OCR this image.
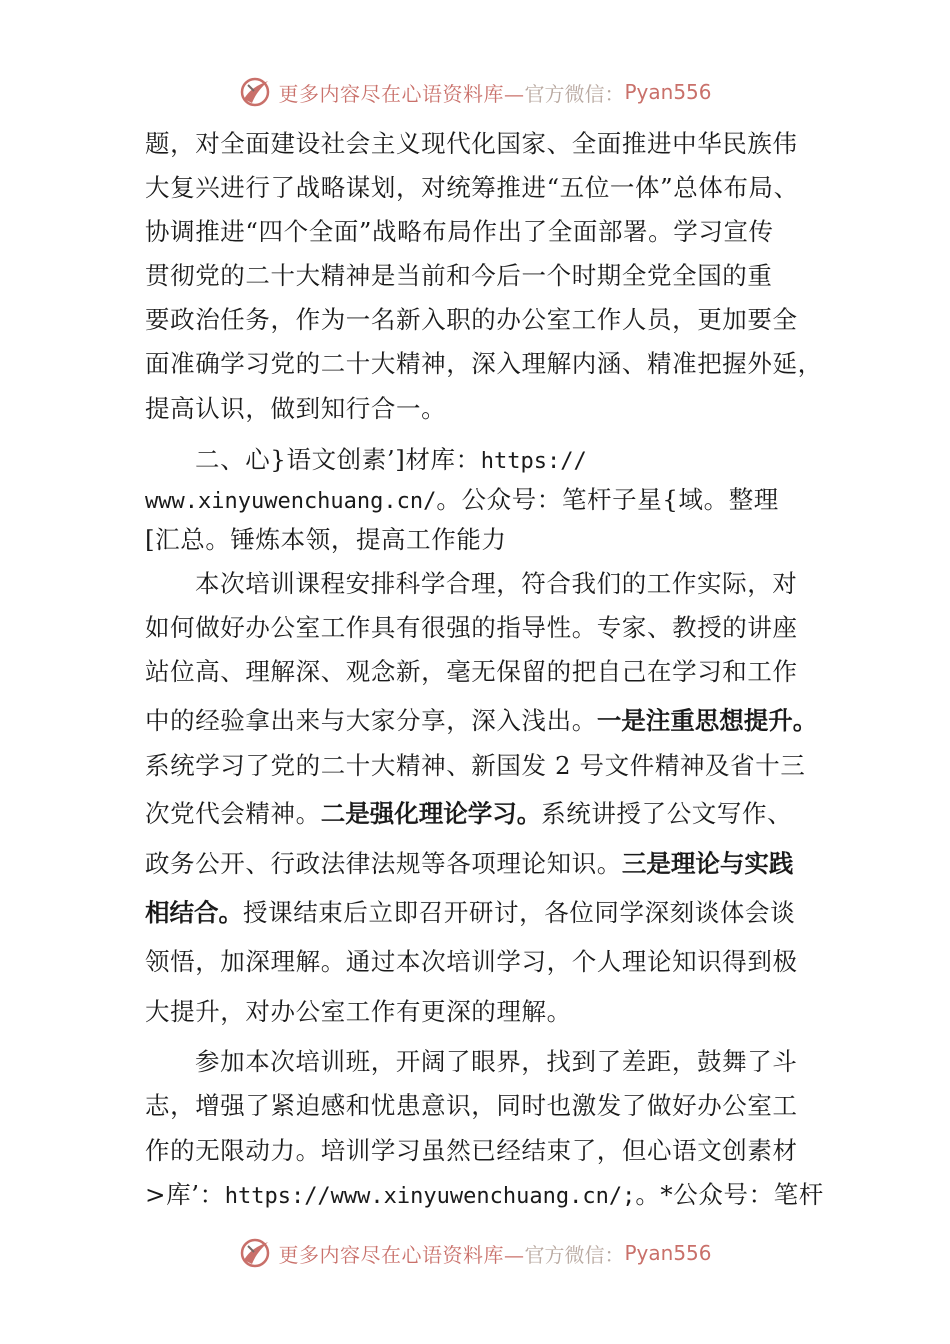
更多内容尽在心语资料库— 官方微信： Pyan556
题，对全面建设社会主义现代化国家、全面推进中华民族伟
大复兴进行了战略谋划，对统筹推进“五位一体”总体布局、
协调推进“四个全面”战略布局作出了全面部署。学习宣传
贯彻党的二十大精神是当前和今后一个时期全党全国的重
要政治任务，作为一名新入职的办公室工作人员，更加要全
面准确学习党的二十大精神，深入理解内涵、精准把握外延，
提高认识，做到知行合一。
二、心}语文创素’]材库：https://
www.xinyuwenchuang.cn/。公众号：笔杆子星{域。整理
[汇总。锤炼本领，提高工作能力
本次培训课程安排科学合理，符合我们的工作实际，对
如何做好办公室工作具有很强的指导性。专家、教授的讲座
站位高、理解深、观念新，毫无保留的把自己在学习和工作
中的经验拿出来与大家分享，深入浅出。一是注重思想提升。
系统学习了党的二十大精神、新国发 2 号文件精神及省十三
次党代会精神。二是强化理论学习。系统讲授了公文写作、
政务公开、行政法律法规等各项理论知识。三是理论与实践
相结合。授课结束后立即召开研讨，各位同学深刻谈体会谈
领悟，加深理解。通过本次培训学习，个人理论知识得到极
大提升，对办公室工作有更深的理解。
参加本次培训班，开阔了眼界，找到了差距，鼓舞了斗
志，增强了紧迫感和忧患意识，同时也激发了做好办公室工
作的无限动力。培训学习虽然已经结束了，但心语文创素材
>库’：https://www.xinyuwenchuang.cn/;。*公众号：笔杆
更多内容尽在心语资料库— 官方微信： Pyan556
